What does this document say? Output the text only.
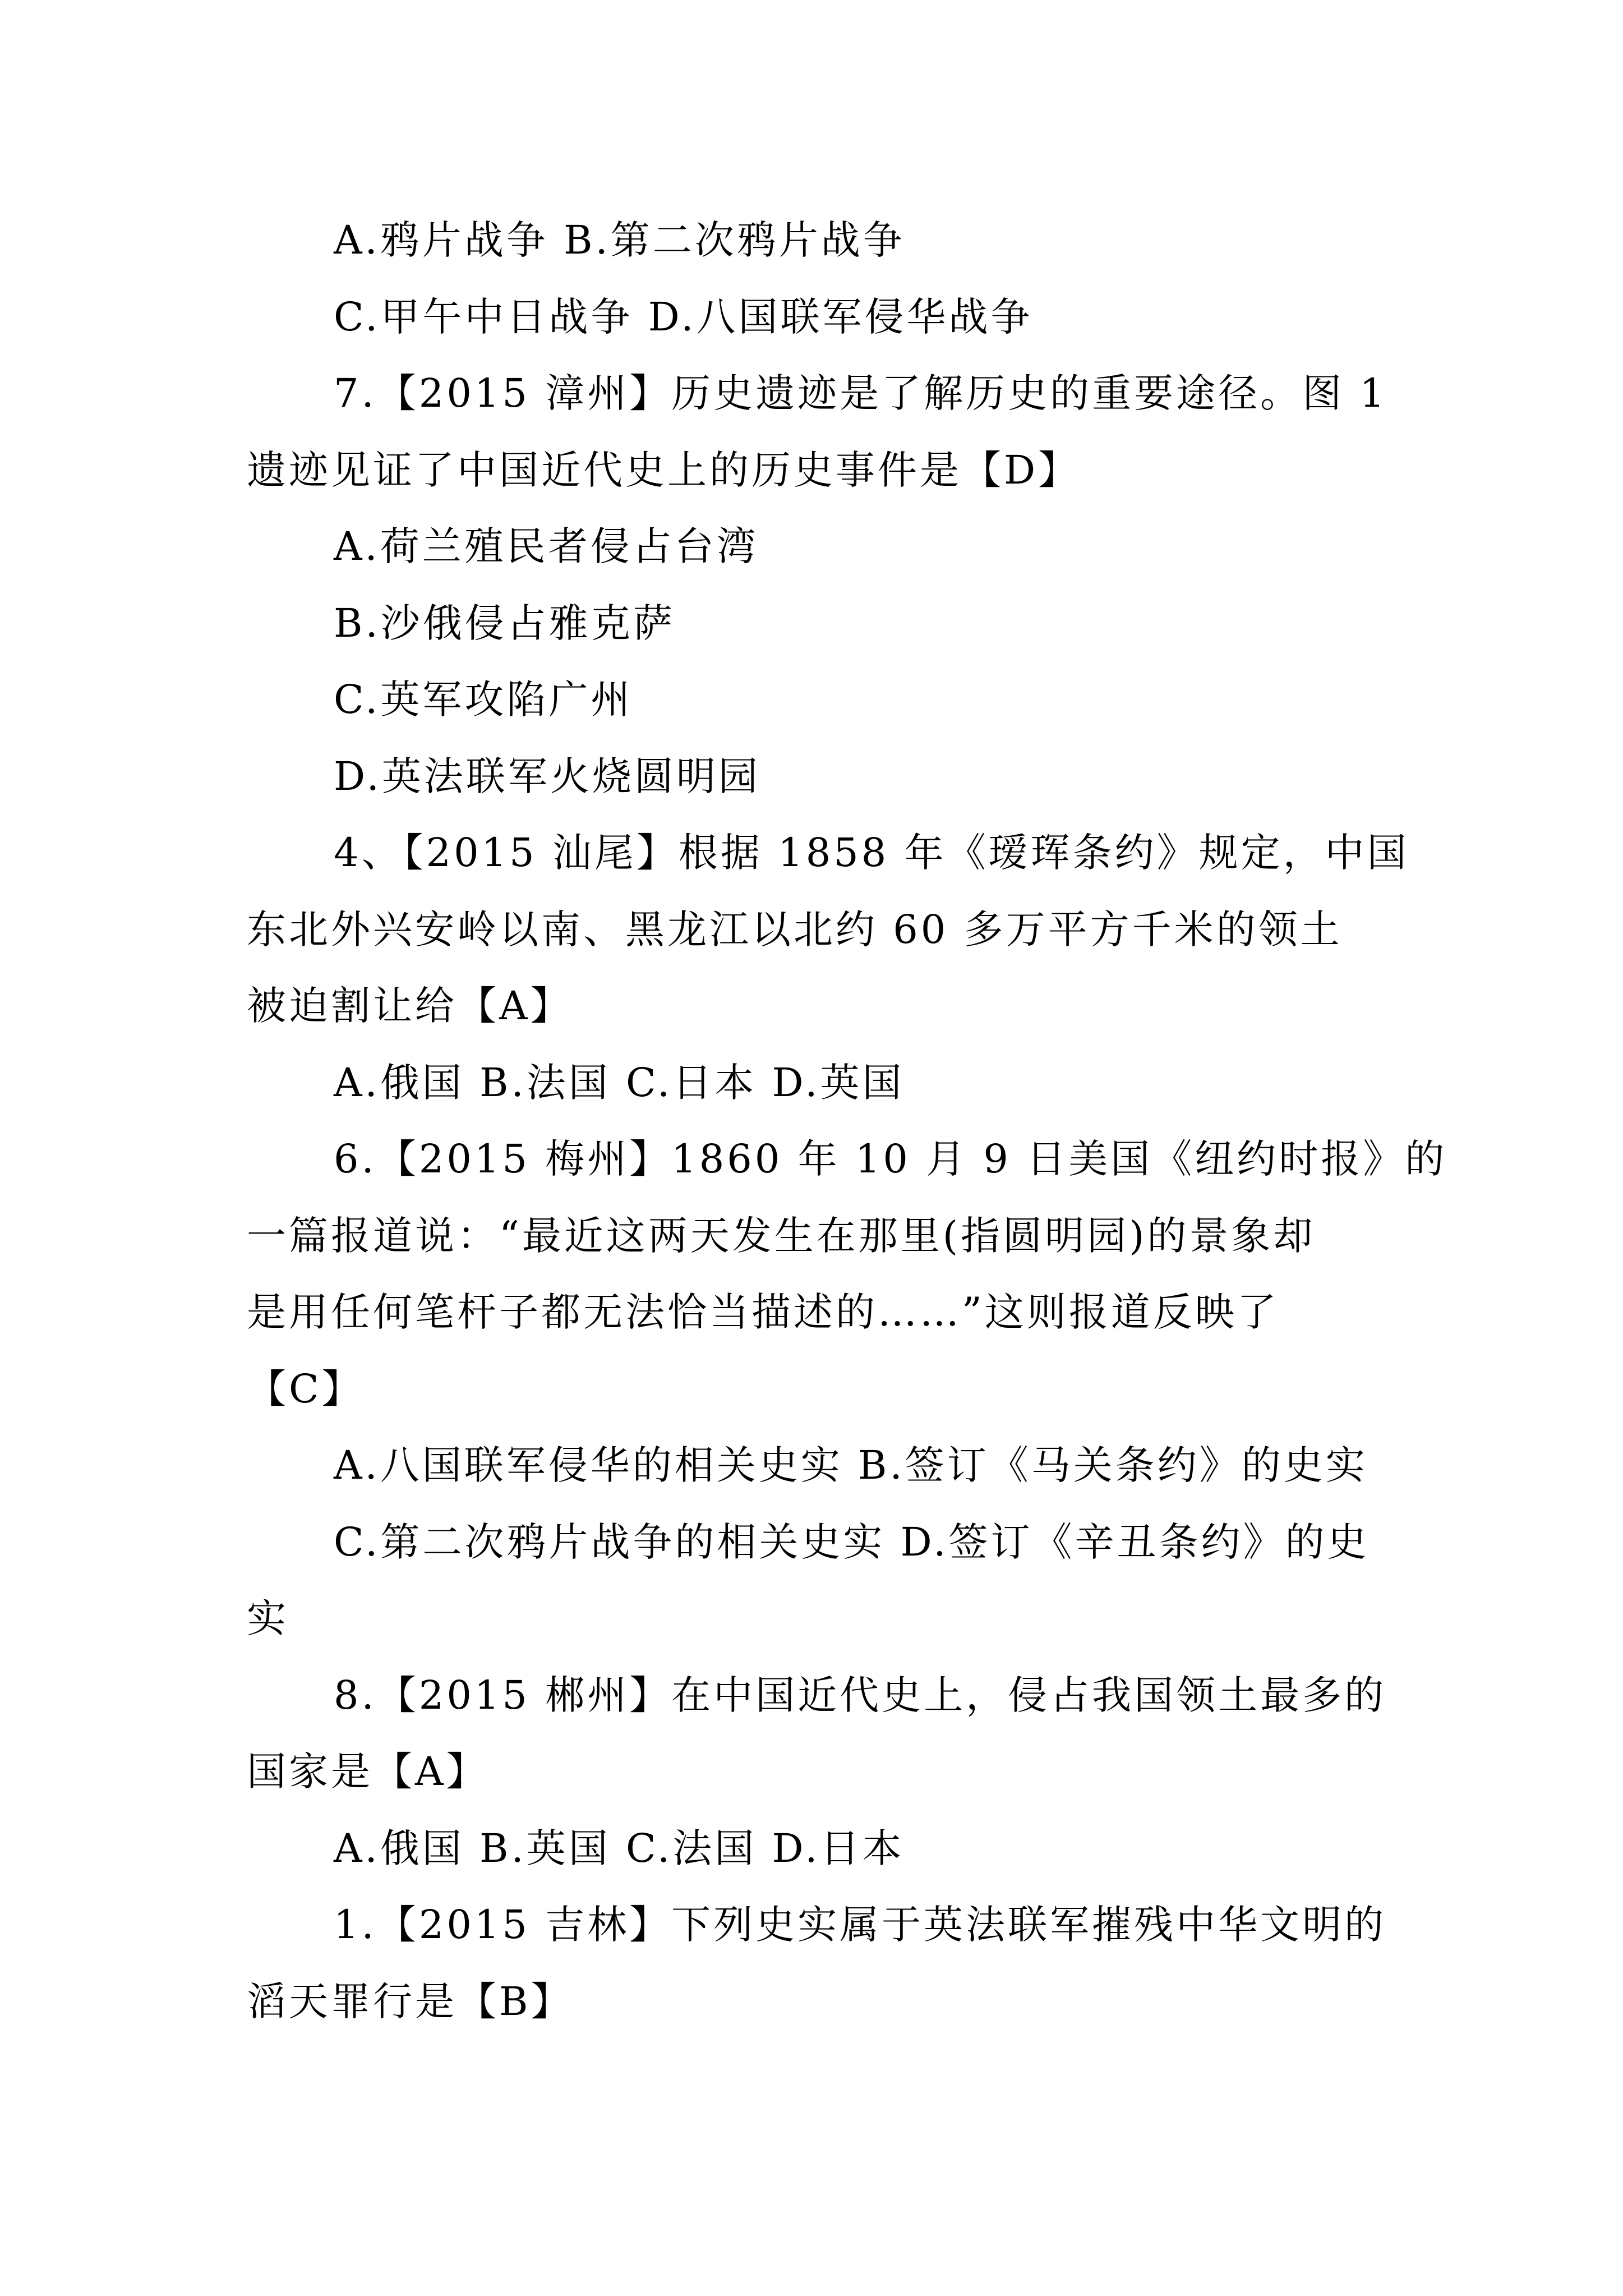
A.鸦片战争 B.第二次鸦片战争
C.甲午中日战争 D.八国联军侵华战争
7.【2015 漳州】历史遗迹是了解历史的重要途径。图 1
遗迹见证了中国近代史上的历史事件是【D】
A.荷兰殖民者侵占台湾
B.沙俄侵占雅克萨
C.英军攻陷广州
D.英法联军火烧圆明园
4、【2015 汕尾】根据 1858 年《瑷珲条约》规定，中国
东北外兴安岭以南、黑龙江以北约 60 多万平方千米的领土
被迫割让给【A】
A.俄国 B.法国 C.日本 D.英国
6.【2015 梅州】1860 年 10 月 9 日美国《纽约时报》的
一篇报道说：“最近这两天发生在那里(指圆明园)的景象却
是用任何笔杆子都无法恰当描述的……”这则报道反映了
【C】
A.八国联军侵华的相关史实 B.签订《马关条约》的史实
C.第二次鸦片战争的相关史实 D.签订《辛丑条约》的史
实
8.【2015 郴州】在中国近代史上，侵占我国领土最多的
国家是【A】
A.俄国 B.英国 C.法国 D.日本
1.【2015 吉林】下列史实属于英法联军摧残中华文明的
滔天罪行是【B】
